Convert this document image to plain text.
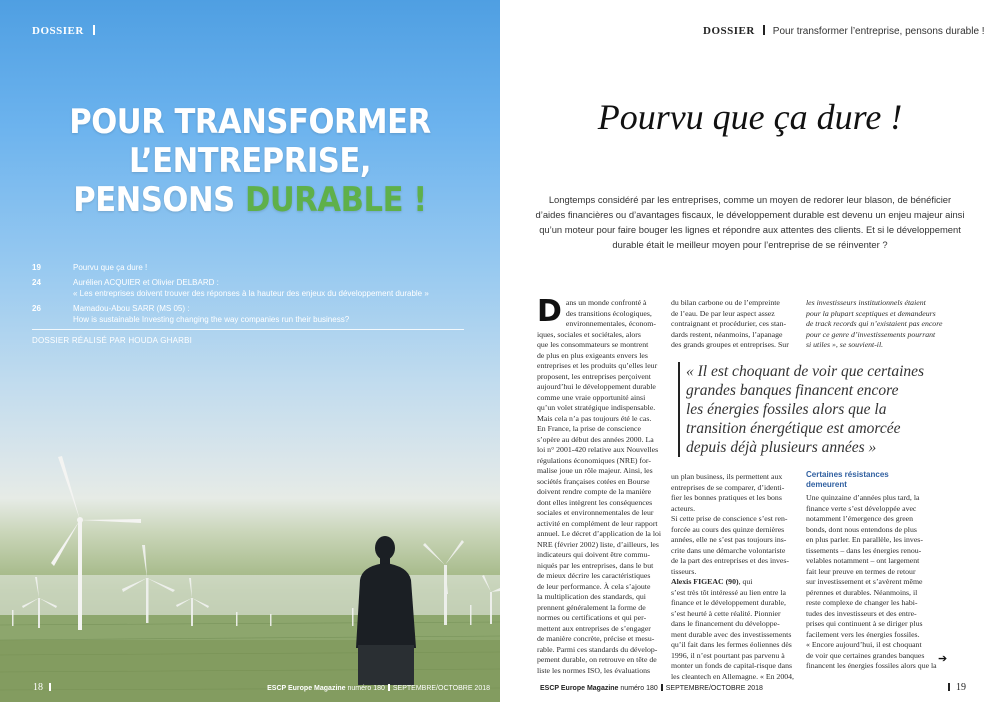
DOSSIER
POUR TRANSFORMER
L’ENTREPRISE,
PENSONS DURABLE !
19	Pourvu que ça dure !
24	Aurélien ACQUIER et Olivier DELBARD :
« Les entreprises doivent trouver des réponses à la hauteur des enjeux du développement durable »
26	Mamadou-Abou SARR (MS 05) :
How is sustainable Investing changing the way companies run their business?
DOSSIER RÉALISÉ PAR HOUDA GHARBI
18	ESCP Europe Magazine numéro 180 SEPTEMBRE/OCTOBRE 2018
DOSSIER Pour transformer l’entreprise, pensons durable !
Pourvu que ça dure !
Longtemps considéré par les entreprises, comme un moyen de redorer leur blason, de bénéficier d’aides financières ou d’avantages fiscaux, le développement durable est devenu un enjeu majeur ainsi qu’un moteur pour faire bouger les lignes et répondre aux attentes des clients. Et si le développement durable était le meilleur moyen pour l’entreprise de se réinventer ?
D ans un monde confronté à
des transitions écologiques,
environnementales, économ-
iques, sociales et sociétales, alors
que les consommateurs se montrent
de plus en plus exigeants envers les
entreprises et les produits qu’elles leur
proposent, les entreprises perçoivent
aujourd’hui le développement durable
comme une vraie opportunité ainsi
qu’un volet stratégique indispensable.
Mais cela n’a pas toujours été le cas.
En France, la prise de conscience
s’opère au début des années 2000. La
loi n° 2001-420 relative aux Nouvelles
régulations économiques (NRE) for-
malise joue un rôle majeur. Ainsi, les
sociétés françaises cotées en Bourse
doivent rendre compte de la manière
dont elles intègrent les conséquences
sociales et environnementales de leur
activité en complément de leur rapport
annuel. Le décret d’application de la loi
NRE (février 2002) liste, d’ailleurs, les
indicateurs qui doivent être commu-
niqués par les entreprises, dans le but
de mieux décrire les caractéristiques
de leur performance. À cela s’ajoute
la multiplication des standards, qui
prennent généralement la forme de
normes ou certifications et qui per-
mettent aux entreprises de s’engager
de manière concrète, précise et mesu-
rable. Parmi ces standards du dévelop-
pement durable, on retrouve en tête de
liste les normes ISO, les évaluations
du bilan carbone ou de l’empreinte
de l’eau. De par leur aspect assez
contraignant et procédurier, ces stan-
dards restent, néanmoins, l’apanage
des grands groupes et entreprises. Sur
les investisseurs institutionnels étaient
pour la plupart sceptiques et demandeurs
de track records qui n’existaient pas encore
pour ce genre d’investissements pourrant
si utiles », se souvient-il.
« Il est choquant de voir que certaines
grandes banques financent encore
les énergies fossiles alors que la
transition énergétique est amorcée
depuis déjà plusieurs années »
un plan business, ils permettent aux
entreprises de se comparer, d’identi-
fier les bonnes pratiques et les bons
acteurs.
Si cette prise de conscience s’est ren-
forcée au cours des quinze dernières
années, elle ne s’est pas toujours ins-
crite dans une démarche volontariste
de la part des entreprises et des inves-
tisseurs.
Alexis FIGEAC (90), qui
s’est très tôt intéressé au lien entre la
finance et le développement durable,
s’est heurté à cette réalité. Pionnier
dans le financement du développe-
ment durable avec des investissements
qu’il fait dans les fermes éoliennes dès
1996, il n’est pourtant pas parvenu à
monter un fonds de capital-risque dans
les cleantech en Allemagne. « En 2004,
Certaines résistances
demeurent
Une quinzaine d’années plus tard, la
finance verte s’est développée avec
notamment l’émergence des green
bonds, dont nous entendons de plus
en plus parler. En parallèle, les inves-
tissements – dans les énergies renou-
velables notamment – ont largement
fait leur preuve en termes de retour
sur investissement et s’avèrent même
pérennes et durables. Néanmoins, il
reste complexe de changer les habi-
tudes des investisseurs et des entre-
prises qui continuent à se diriger plus
facilement vers les énergies fossiles.
« Encore aujourd’hui, il est choquant
de voir que certaines grandes banques
financent les énergies fossiles alors que la
➔
ESCP Europe Magazine numéro 180 SEPTEMBRE/OCTOBRE 2018	19
